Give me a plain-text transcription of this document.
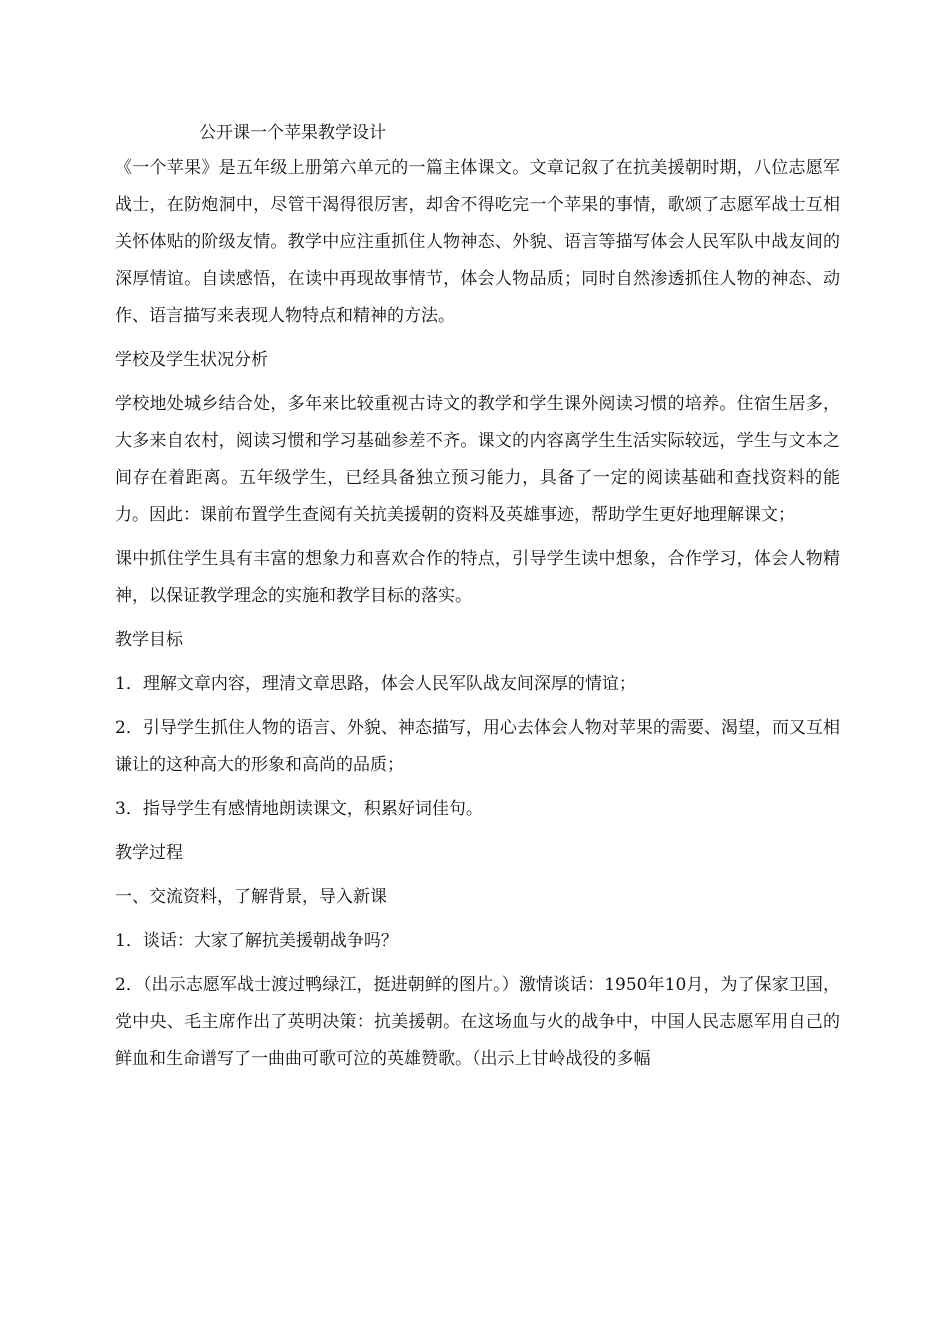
公开课一个苹果教学设计

《一个苹果》是五年级上册第六单元的一篇主体课文。文章记叙了在抗美援朝时期，八位志愿军战士，在防炮洞中，尽管干渴得很厉害，却舍不得吃完一个苹果的事情，歌颂了志愿军战士互相关怀体贴的阶级友情。教学中应注重抓住人物神态、外貌、语言等描写体会人民军队中战友间的深厚情谊。自读感悟，在读中再现故事情节，体会人物品质；同时自然渗透抓住人物的神态、动作、语言描写来表现人物特点和精神的方法。

学校及学生状况分析

学校地处城乡结合处，多年来比较重视古诗文的教学和学生课外阅读习惯的培养。住宿生居多，大多来自农村，阅读习惯和学习基础参差不齐。课文的内容离学生生活实际较远，学生与文本之间存在着距离。五年级学生，已经具备独立预习能力，具备了一定的阅读基础和查找资料的能力。因此：课前布置学生查阅有关抗美援朝的资料及英雄事迹，帮助学生更好地理解课文；

课中抓住学生具有丰富的想象力和喜欢合作的特点，引导学生读中想象，合作学习，体会人物精神，以保证教学理念的实施和教学目标的落实。

教学目标

1．理解文章内容，理清文章思路，体会人民军队战友间深厚的情谊；

2．引导学生抓住人物的语言、外貌、神态描写，用心去体会人物对苹果的需要、渴望，而又互相谦让的这种高大的形象和高尚的品质；

3．指导学生有感情地朗读课文，积累好词佳句。

教学过程

一、交流资料，了解背景，导入新课

1．谈话：大家了解抗美援朝战争吗？

2．（出示志愿军战士渡过鸭绿江，挺进朝鲜的图片。）激情谈话：1950年10月，为了保家卫国，党中央、毛主席作出了英明决策：抗美援朝。在这场血与火的战争中，中国人民志愿军用自己的鲜血和生命谱写了一曲曲可歌可泣的英雄赞歌。（出示上甘岭战役的多幅
